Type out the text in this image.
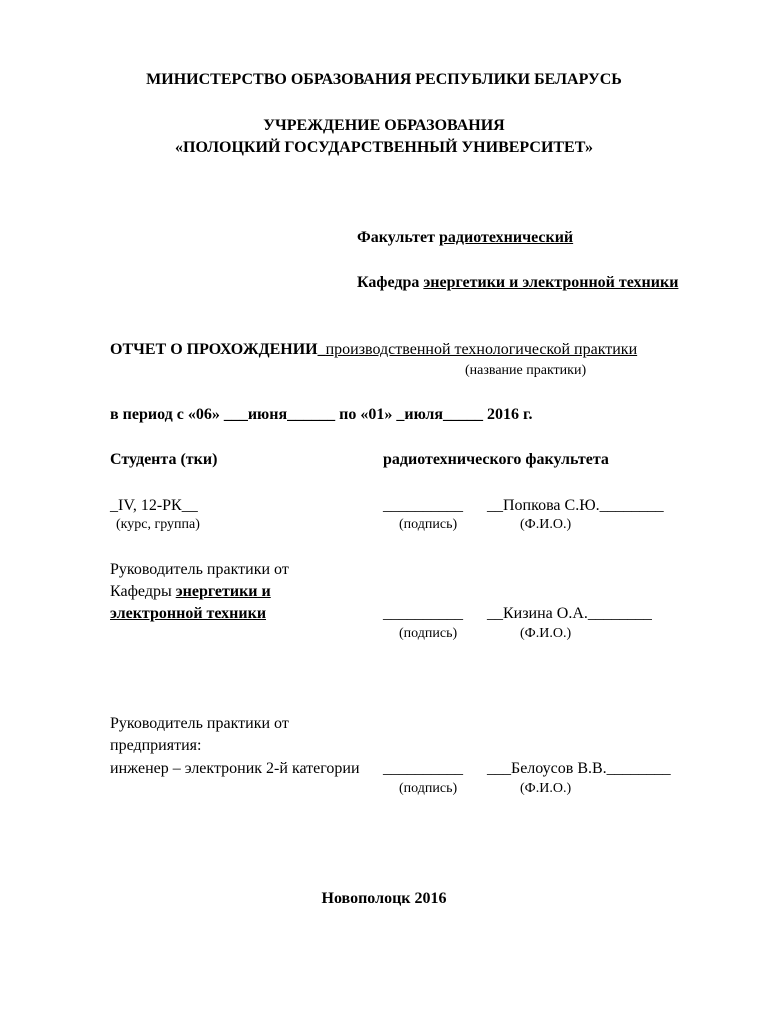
МИНИСТЕРСТВО ОБРАЗОВАНИЯ РЕСПУБЛИКИ БЕЛАРУСЬ
УЧРЕЖДЕНИЕ ОБРАЗОВАНИЯ
«ПОЛОЦКИЙ ГОСУДАРСТВЕННЫЙ УНИВЕРСИТЕТ»
Факультет радиотехнический
Кафедра энергетики и электронной техники
ОТЧЕТ О ПРОХОЖДЕНИИ_производственной технологической практики
(название практики)
в период с «06» ___июня______ по «01» _июля_____ 2016 г.
Студента (тки)	радиотехнического факультета
_IV, 12-РК__	__________ __Попкова С.Ю.________
(курс, группа)	(подпись)	(Ф.И.О.)
Руководитель практики от
Кафедры энергетики и
электронной техники	__________ __Кизина О.А.________
(подпись)	(Ф.И.О.)
Руководитель практики от
предприятия:
инженер – электроник 2-й категории __________ ___Белоусов В.В.________
(подпись)	(Ф.И.О.)
Новополоцк 2016
